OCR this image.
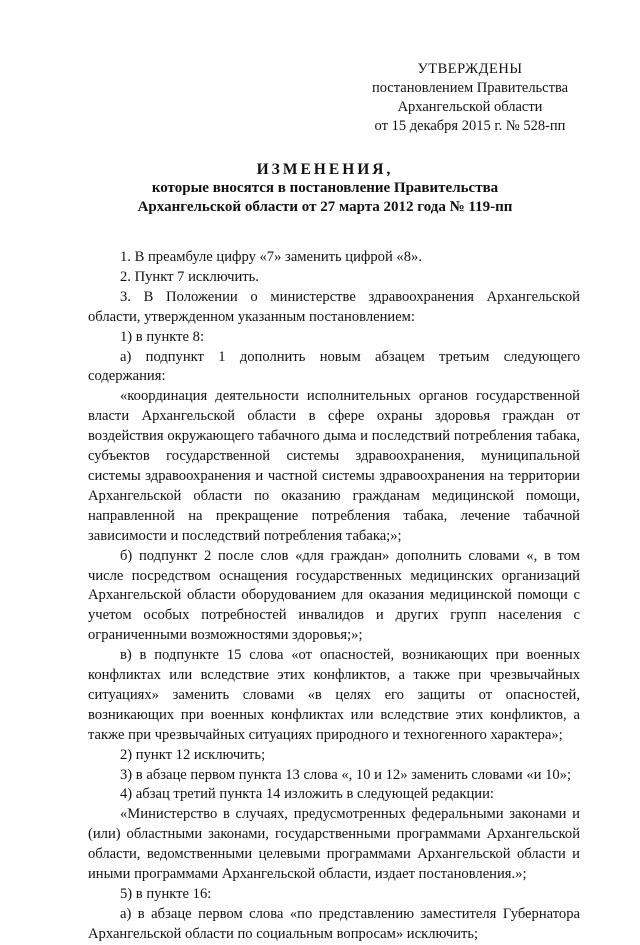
УТВЕРЖДЕНЫ
постановлением Правительства
Архангельской области
от 15 декабря 2015 г. № 528-пп
ИЗМЕНЕНИЯ,
которые вносятся в постановление Правительства
Архангельской области от 27 марта 2012 года № 119-пп

1. В преамбуле цифру «7» заменить цифрой «8».

2. Пункт 7 исключить.

3. В Положении о министерстве здравоохранения Архангельской области, утвержденном указанным постановлением:

1) в пункте 8:

а) подпункт 1 дополнить новым абзацем третьим следующего содержания:

«координация деятельности исполнительных органов государственной власти Архангельской области в сфере охраны здоровья граждан от воздействия окружающего табачного дыма и последствий потребления табака, субъектов государственной системы здравоохранения, муниципальной системы здравоохранения и частной системы здравоохранения на территории Архангельской области по оказанию гражданам медицинской помощи, направленной на прекращение потребления табака, лечение табачной зависимости и последствий потребления табака;»;

б) подпункт 2 после слов «для граждан» дополнить словами «, в том числе посредством оснащения государственных медицинских организаций Архангельской области оборудованием для оказания медицинской помощи с учетом особых потребностей инвалидов и других групп населения с ограниченными возможностями здоровья;»;

в) в подпункте 15 слова «от опасностей, возникающих при военных конфликтах или вследствие этих конфликтов, а также при чрезвычайных ситуациях» заменить словами «в целях его защиты от опасностей, возникающих при военных конфликтах или вследствие этих конфликтов, а также при чрезвычайных ситуациях природного и техногенного характера»;

2) пункт 12 исключить;

3) в абзаце первом пункта 13 слова «, 10 и 12» заменить словами «и 10»;

4) абзац третий пункта 14 изложить в следующей редакции:

«Министерство в случаях, предусмотренных федеральными законами и (или) областными законами, государственными программами Архангельской области, ведомственными целевыми программами Архангельской области и иными программами Архангельской области, издает постановления.»;

5) в пункте 16:

а) в абзаце первом слова «по представлению заместителя Губернатора Архангельской области по социальным вопросам» исключить;
